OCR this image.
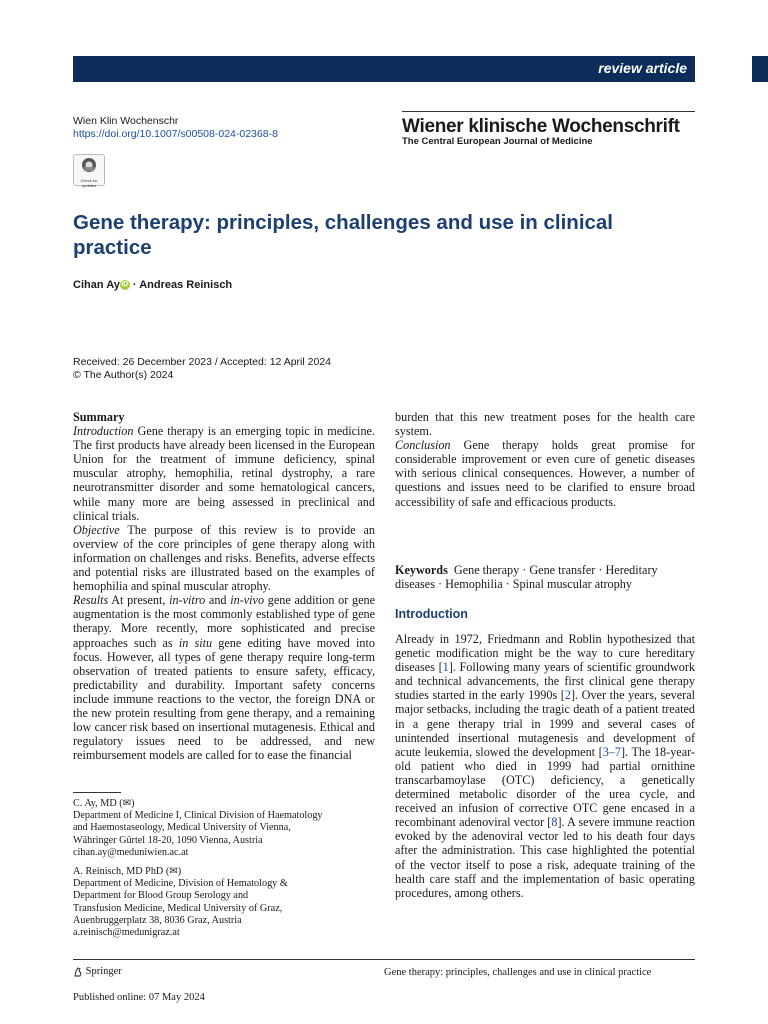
review article
Wien Klin Wochenschr
https://doi.org/10.1007/s00508-024-02368-8	Wiener klinische Wochenschrift
The Central European Journal of Medicine
Check for updates
Gene therapy: principles, challenges and use in clinical practice
Cihan Ay iD · Andreas Reinisch
Received: 26 December 2023 / Accepted: 12 April 2024
© The Author(s) 2024

Summary

Introduction Gene therapy is an emerging topic in medicine. The first products have already been licensed in the European Union for the treatment of immune deficiency, spinal muscular atrophy, hemophilia, retinal dystrophy, a rare neurotransmitter disorder and some hematological cancers, while many more are being assessed in preclinical and clinical trials.

Objective The purpose of this review is to provide an overview of the core principles of gene therapy along with information on challenges and risks. Benefits, adverse effects and potential risks are illustrated based on the examples of hemophilia and spinal muscular atrophy.

Results At present, in-vitro and in-vivo gene addition or gene augmentation is the most commonly established type of gene therapy. More recently, more sophisticated and precise approaches such as in situ gene editing have moved into focus. However, all types of gene therapy require long-term observation of treated patients to ensure safety, efficacy, predictability and durability. Important safety concerns include immune reactions to the vector, the foreign DNA or the new protein resulting from gene therapy, and a remaining low cancer risk based on insertional mutagenesis. Ethical and regulatory issues need to be addressed, and new reimbursement models are called for to ease the financial

burden that this new treatment poses for the health care system.

Conclusion Gene therapy holds great promise for considerable improvement or even cure of genetic diseases with serious clinical consequences. However, a number of questions and issues need to be clarified to ensure broad accessibility of safe and efficacious products.

Keywords Gene therapy · Gene transfer · Hereditary diseases · Hemophilia · Spinal muscular atrophy
Introduction
Already in 1972, Friedmann and Roblin hypothesized that genetic modification might be the way to cure hereditary diseases [1]. Following many years of scientific groundwork and technical advancements, the first clinical gene therapy studies started in the early 1990s [2]. Over the years, several major setbacks, including the tragic death of a patient treated in a gene therapy trial in 1999 and several cases of unintended insertional mutagenesis and development of acute leukemia, slowed the development [3–7]. The 18-year-old patient who died in 1999 had partial ornithine transcarbamoylase (OTC) deficiency, a genetically determined metabolic disorder of the urea cycle, and received an infusion of corrective OTC gene encased in a recombinant adenoviral vector [8]. A severe immune reaction evoked by the adenoviral vector led to his death four days after the administration. This case highlighted the potential of the vector itself to pose a risk, adequate training of the health care staff and the implementation of basic operating procedures, among others.
C. Ay, MD (✉)
Department of Medicine I, Clinical Division of Haematology
and Haemostaseology, Medical University of Vienna,
Währinger Gürtel 18-20, 1090 Vienna, Austria
cihan.ay@meduniwien.ac.at
A. Reinisch, MD PhD (✉)
Department of Medicine, Division of Hematology &
Department for Blood Group Serology and
Transfusion Medicine, Medical University of Graz,
Auenbruggerplatz 38, 8036 Graz, Austria
a.reinisch@medunigraz.at
Springer	Gene therapy: principles, challenges and use in clinical practice
Published online: 07 May 2024
